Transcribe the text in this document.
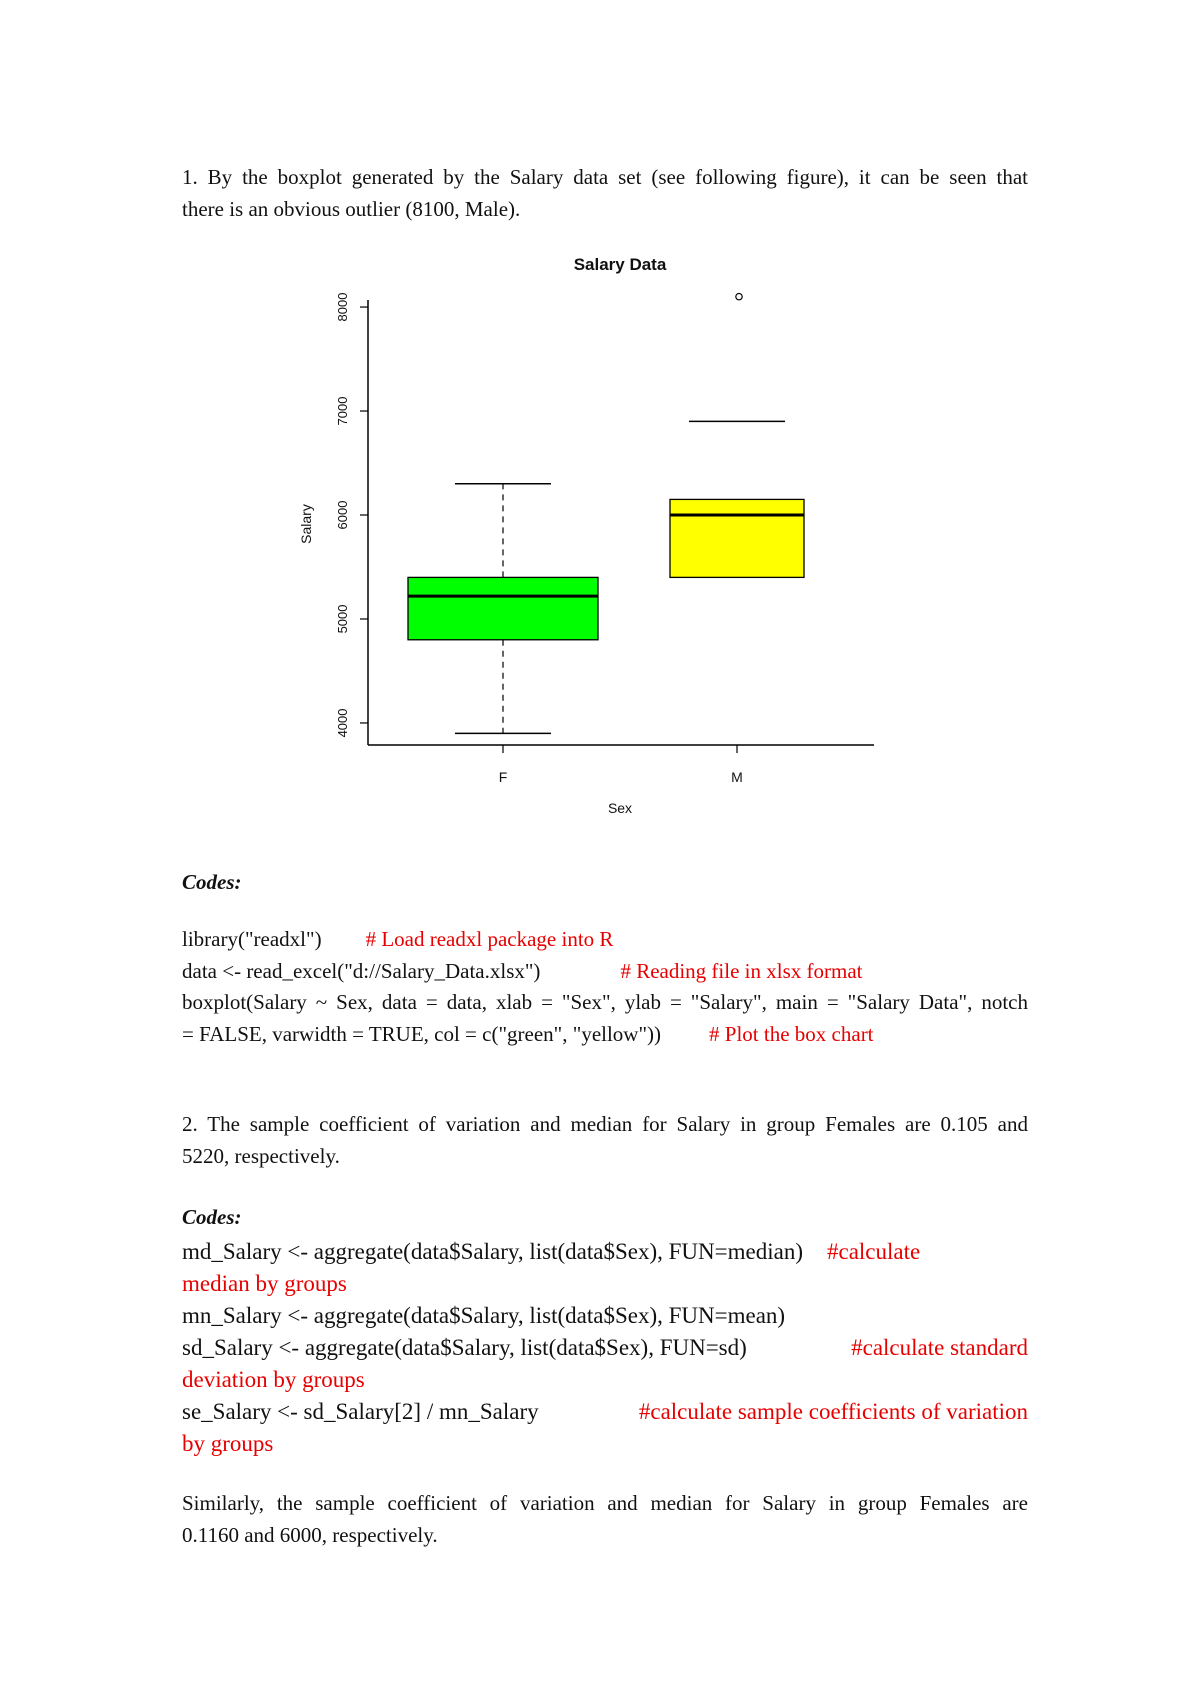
1. By the boxplot generated by the Salary data set (see following figure), it can be seen that
there is an obvious outlier (8100, Male).
Salary Data
Salary
Sex
4000
5000
6000
7000
8000
F	M
Codes:
library("readxl") # Load readxl package into R
data <- read_excel("d://Salary_Data.xlsx")	# Reading file in xlsx format
boxplot(Salary ~ Sex, data = data, xlab = "Sex", ylab = "Salary", main = "Salary Data", notch
= FALSE, varwidth = TRUE, col = c("green", "yellow")) # Plot the box chart
2. The sample coefficient of variation and median for Salary in group Females are 0.105 and
5220, respectively.
Codes:
md_Salary <- aggregate(data$Salary, list(data$Sex), FUN=median) #calculate
median by groups
mn_Salary <- aggregate(data$Salary, list(data$Sex), FUN=mean)
sd_Salary <- aggregate(data$Salary, list(data$Sex), FUN=sd)	#calculate standard
deviation by groups
se_Salary <- sd_Salary[2] / mn_Salary	#calculate sample coefficients of variation
by groups
Similarly, the sample coefficient of variation and median for Salary in group Females are
0.1160 and 6000, respectively.
